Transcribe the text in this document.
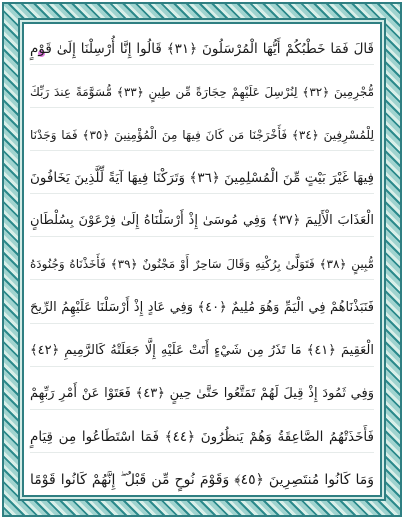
قَالَ فَمَا خَطْبُكُمْ أَيُّهَا الْمُرْسَلُونَ ﴿٣١﴾ قَالُوا إِنَّا أُرْسِلْنَا إِلَىٰ قَوْمٍ
مُّجْرِمِينَ ﴿٣٢﴾ لِنُرْسِلَ عَلَيْهِمْ حِجَارَةً مِّن طِينٍ ﴿٣٣﴾ مُّسَوَّمَةً عِندَ رَبِّكَ
لِلْمُسْرِفِينَ ﴿٣٤﴾ فَأَخْرَجْنَا مَن كَانَ فِيهَا مِنَ الْمُؤْمِنِينَ ﴿٣٥﴾ فَمَا وَجَدْنَا
فِيهَا غَيْرَ بَيْتٍ مِّنَ الْمُسْلِمِينَ ﴿٣٦﴾ وَتَرَكْنَا فِيهَا آيَةً لِّلَّذِينَ يَخَافُونَ
الْعَذَابَ الْأَلِيمَ ﴿٣٧﴾ وَفِي مُوسَىٰ إِذْ أَرْسَلْنَاهُ إِلَىٰ فِرْعَوْنَ بِسُلْطَانٍ
مُّبِينٍ ﴿٣٨﴾ فَتَوَلَّىٰ بِرُكْنِهِ وَقَالَ سَاحِرٌ أَوْ مَجْنُونٌ ﴿٣٩﴾ فَأَخَذْنَاهُ وَجُنُودَهُ
فَنَبَذْنَاهُمْ فِي الْيَمِّ وَهُوَ مُلِيمٌ ﴿٤٠﴾ وَفِي عَادٍ إِذْ أَرْسَلْنَا عَلَيْهِمُ الرِّيحَ
الْعَقِيمَ ﴿٤١﴾ مَا تَذَرُ مِن شَيْءٍ أَتَتْ عَلَيْهِ إِلَّا جَعَلَتْهُ كَالرَّمِيمِ ﴿٤٢﴾
وَفِي ثَمُودَ إِذْ قِيلَ لَهُمْ تَمَتَّعُوا حَتَّىٰ حِينٍ ﴿٤٣﴾ فَعَتَوْا عَنْ أَمْرِ رَبِّهِمْ
فَأَخَذَتْهُمُ الصَّاعِقَةُ وَهُمْ يَنظُرُونَ ﴿٤٤﴾ فَمَا اسْتَطَاعُوا مِن قِيَامٍ
وَمَا كَانُوا مُنتَصِرِينَ ﴿٤٥﴾ وَقَوْمَ نُوحٍ مِّن قَبْلُ ۖ إِنَّهُمْ كَانُوا قَوْمًا
